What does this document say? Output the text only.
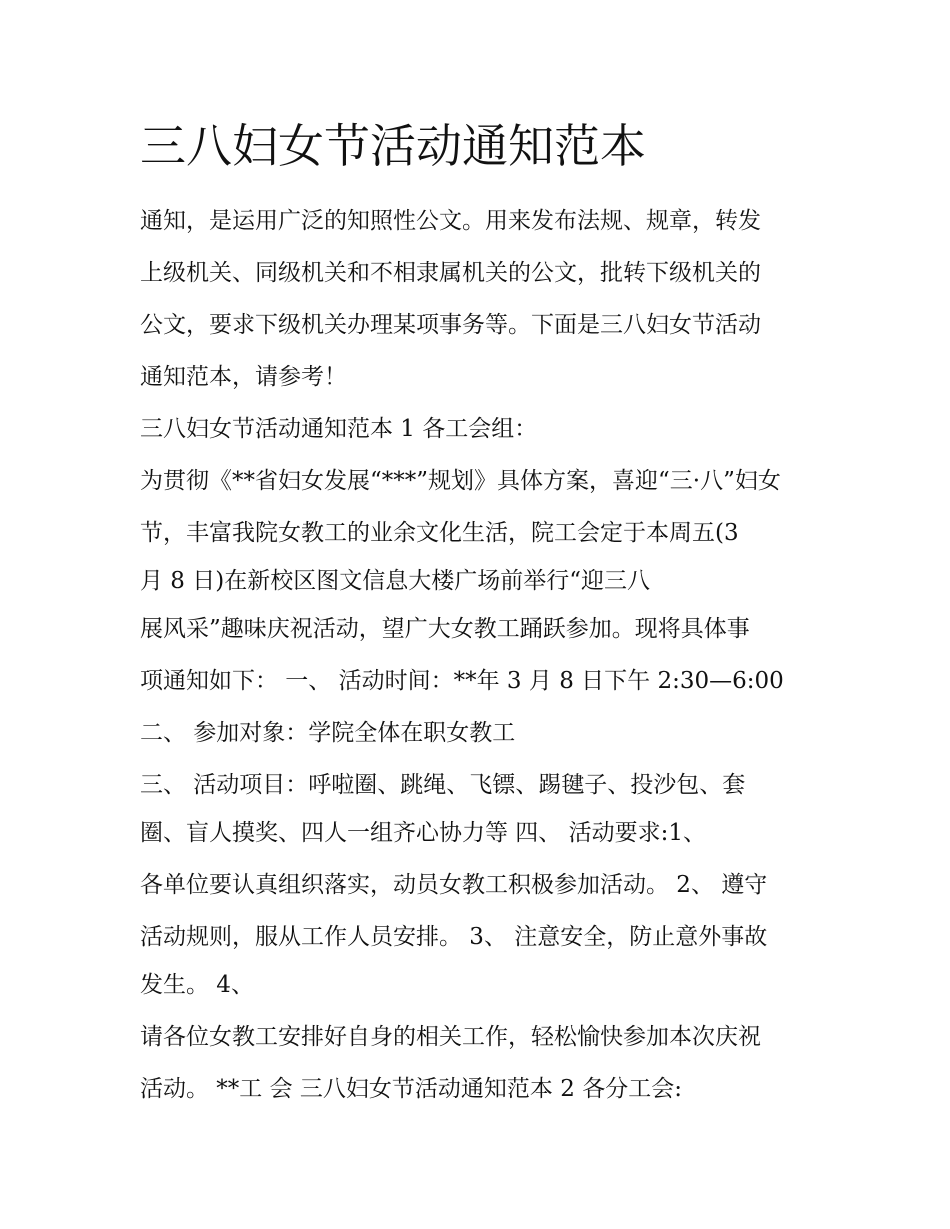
三八妇女节活动通知范本
通知，是运用广泛的知照性公文。用来发布法规、规章，转发
上级机关、同级机关和不相隶属机关的公文，批转下级机关的
公文，要求下级机关办理某项事务等。下面是三八妇女节活动
通知范本，请参考！
三八妇女节活动通知范本 1 各工会组：
为贯彻《**省妇女发展“***”规划》具体方案，喜迎“三·八”妇女
节，丰富我院女教工的业余文化生活，院工会定于本周五(3
月 8 日)在新校区图文信息大楼广场前举行“迎三八
展风采”趣味庆祝活动，望广大女教工踊跃参加。现将具体事
项通知如下： 一、 活动时间：**年 3 月 8 日下午 2:30—6:00
二、 参加对象：学院全体在职女教工
三、 活动项目：呼啦圈、跳绳、飞镖、踢毽子、投沙包、套
圈、盲人摸奖、四人一组齐心协力等 四、 活动要求:1、
各单位要认真组织落实，动员女教工积极参加活动。 2、 遵守
活动规则，服从工作人员安排。 3、 注意安全，防止意外事故
发生。 4、
请各位女教工安排好自身的相关工作，轻松愉快参加本次庆祝
活动。 **工 会 三八妇女节活动通知范本 2 各分工会:
